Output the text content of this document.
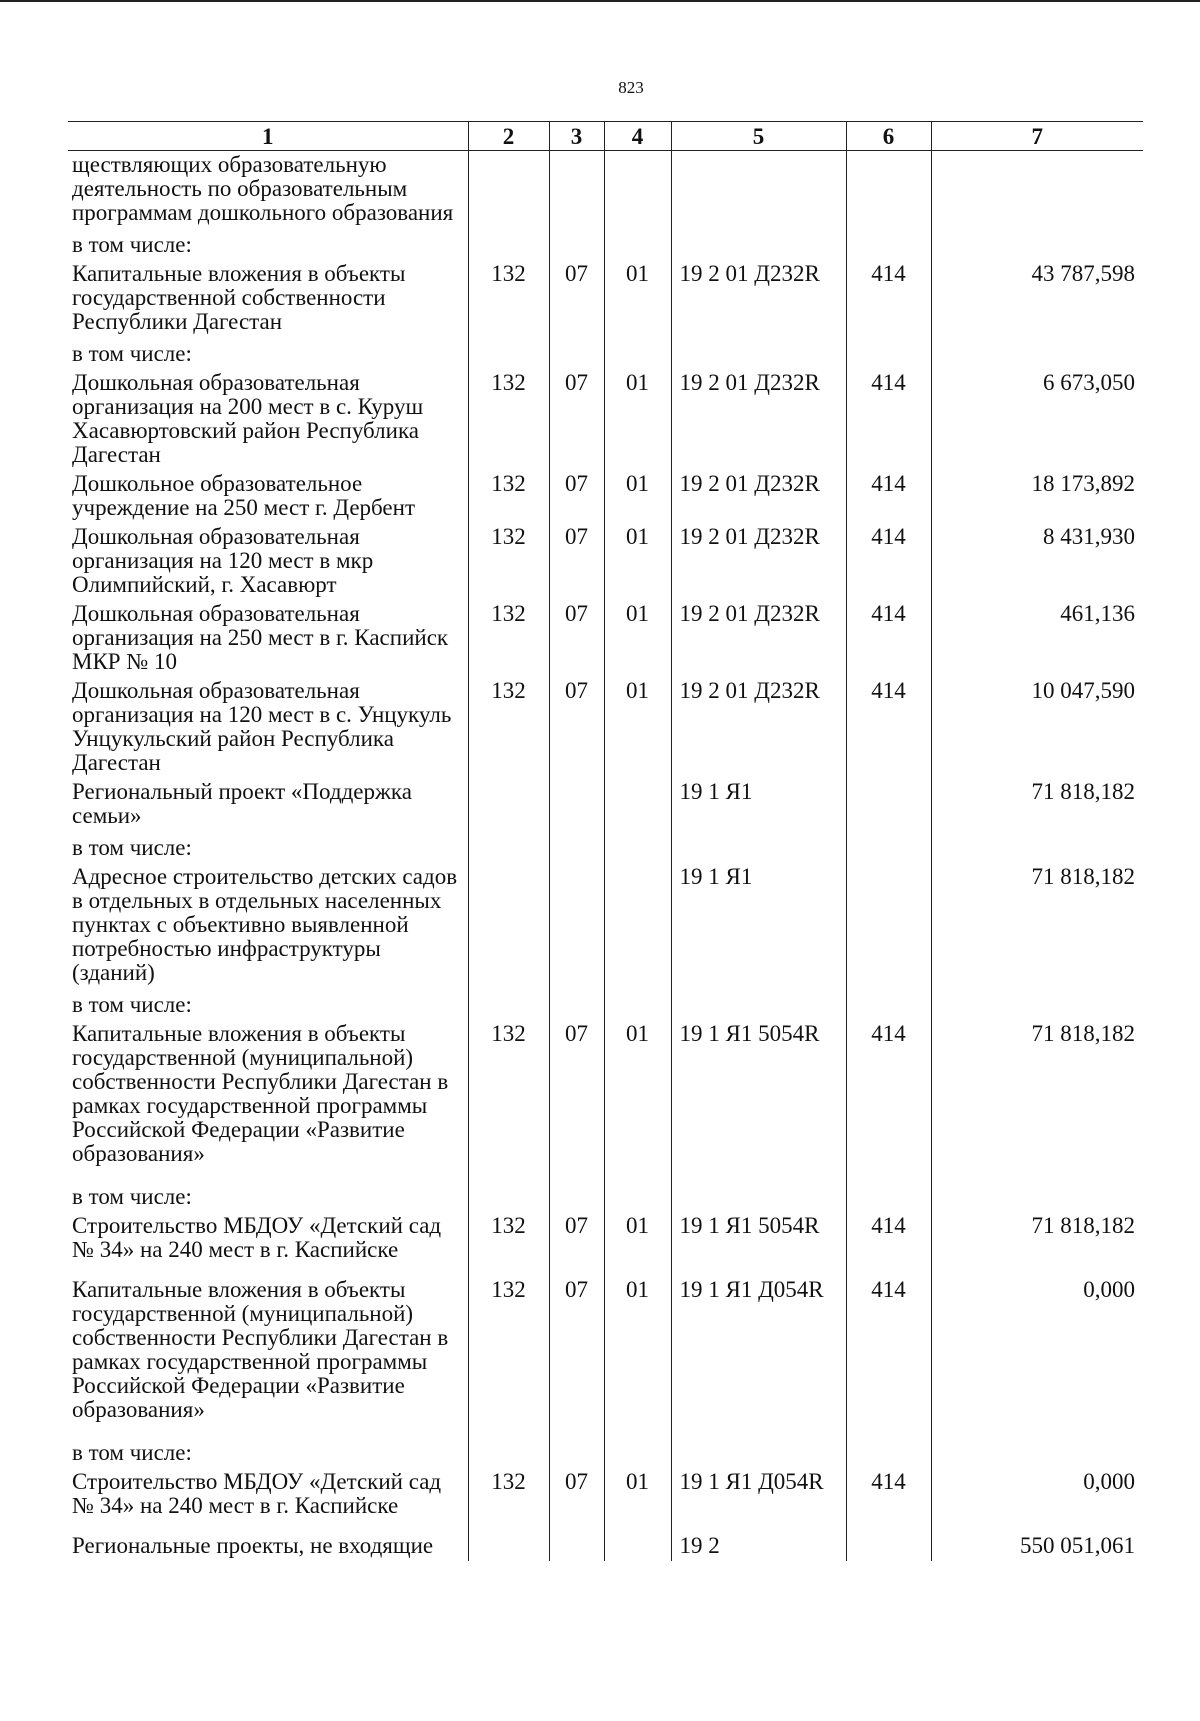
823
1	2	3	4	5	6	7
ществляющих образовательную деятельность по образовательным программам дошкольного образования						
в том числе:						
Капитальные вложения в объекты государственной собственности Республики Дагестан	132	07	01	19 2 01 Д232R	414	43 787,598
в том числе:						
Дошкольная образовательная организация на 200 мест в с. Куруш Хасавюртовский район Республика Дагестан	132	07	01	19 2 01 Д232R	414	6 673,050
Дошкольное образовательное учреждение на 250 мест г. Дербент	132	07	01	19 2 01 Д232R	414	18 173,892
Дошкольная образовательная организация на 120 мест в мкр Олимпийский, г. Хасавюрт	132	07	01	19 2 01 Д232R	414	8 431,930
Дошкольная образовательная организация на 250 мест в г. Каспийск МКР № 10	132	07	01	19 2 01 Д232R	414	461,136
Дошкольная образовательная организация на 120 мест в с. Унцукуль Унцукульский район Республика Дагестан	132	07	01	19 2 01 Д232R	414	10 047,590
Региональный проект «Поддержка семьи»				19 1 Я1		71 818,182
в том числе:						
Адресное строительство детских садов в отдельных в отдельных населенных пунктах с объективно выявленной потребностью инфраструктуры (зданий)				19 1 Я1		71 818,182
в том числе:						
Капитальные вложения в объекты государственной (муниципальной) собственности Республики Дагестан в рамках государственной программы Российской Федерации «Развитие образования»	132	07	01	19 1 Я1 5054R	414	71 818,182
в том числе:						
Строительство МБДОУ «Детский сад № 34» на 240 мест в г. Каспийске	132	07	01	19 1 Я1 5054R	414	71 818,182
Капитальные вложения в объекты государственной (муниципальной) собственности Республики Дагестан в рамках государственной программы Российской Федерации «Развитие образования»	132	07	01	19 1 Я1 Д054R	414	0,000
в том числе:						
Строительство МБДОУ «Детский сад № 34» на 240 мест в г. Каспийске	132	07	01	19 1 Я1 Д054R	414	0,000
Региональные проекты, не входящие				19 2		550 051,061
